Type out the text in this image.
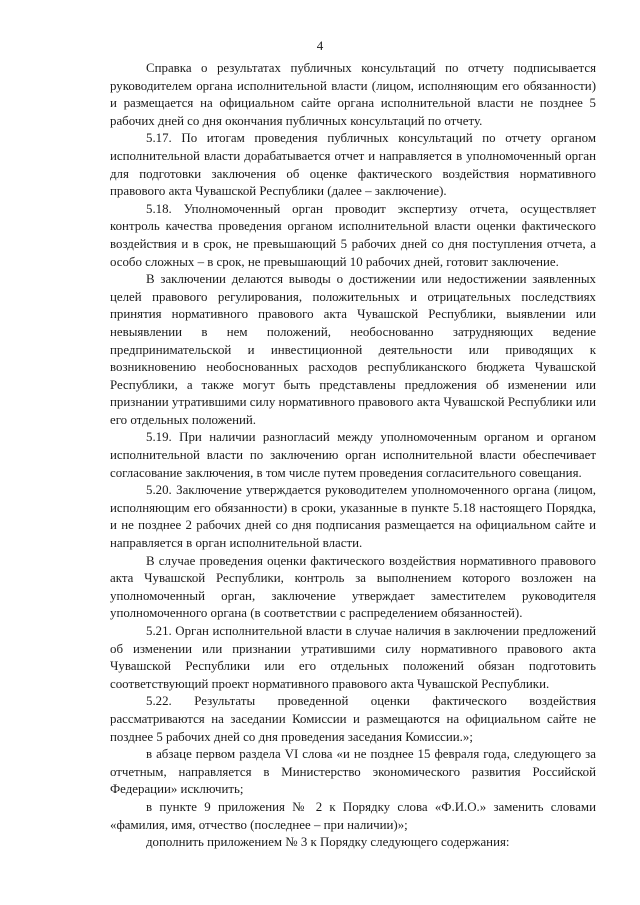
4

Справка о результатах публичных консультаций по отчету подписывается руководителем органа исполнительной власти (лицом, исполняющим его обязанности) и размещается на официальном сайте органа исполнительной власти не позднее 5 рабочих дней со дня окончания публичных консультаций по отчету.

5.17. По итогам проведения публичных консультаций по отчету органом исполнительной власти дорабатывается отчет и направляется в уполномоченный орган для подготовки заключения об оценке фактического воздействия нормативного правового акта Чувашской Республики (далее – заключение).

5.18. Уполномоченный орган проводит экспертизу отчета, осуществляет контроль качества проведения органом исполнительной власти оценки фактического воздействия и в срок, не превышающий 5 рабочих дней со дня поступления отчета, а особо сложных – в срок, не превышающий 10 рабочих дней, готовит заключение.

В заключении делаются выводы о достижении или недостижении заявленных целей правового регулирования, положительных и отрицательных последствиях принятия нормативного правового акта Чувашской Республики, выявлении или невыявлении в нем положений, необоснованно затрудняющих ведение предпринимательской и инвестиционной деятельности или приводящих к возникновению необоснованных расходов республиканского бюджета Чувашской Республики, а также могут быть представлены предложения об изменении или признании утратившими силу нормативного правового акта Чувашской Республики или его отдельных положений.

5.19. При наличии разногласий между уполномоченным органом и органом исполнительной власти по заключению орган исполнительной власти обеспечивает согласование заключения, в том числе путем проведения согласительного совещания.

5.20. Заключение утверждается руководителем уполномоченного органа (лицом, исполняющим его обязанности) в сроки, указанные в пункте 5.18 настоящего Порядка, и не позднее 2 рабочих дней со дня подписания размещается на официальном сайте и направляется в орган исполнительной власти.

В случае проведения оценки фактического воздействия нормативного правового акта Чувашской Республики, контроль за выполнением которого возложен на уполномоченный орган, заключение утверждает заместителем руководителя уполномоченного органа (в соответствии с распределением обязанностей).

5.21. Орган исполнительной власти в случае наличия в заключении предложений об изменении или признании утратившими силу нормативного правового акта Чувашской Республики или его отдельных положений обязан подготовить соответствующий проект нормативного правового акта Чувашской Республики.

5.22. Результаты проведенной оценки фактического воздействия рассматриваются на заседании Комиссии и размещаются на официальном сайте не позднее 5 рабочих дней со дня проведения заседания Комиссии.»;

в абзаце первом раздела VI слова «и не позднее 15 февраля года, следующего за отчетным, направляется в Министерство экономического развития Российской Федерации» исключить;

в пункте 9 приложения № 2 к Порядку слова «Ф.И.О.» заменить словами «фамилия, имя, отчество (последнее – при наличии)»;

дополнить приложением № 3 к Порядку следующего содержания:
